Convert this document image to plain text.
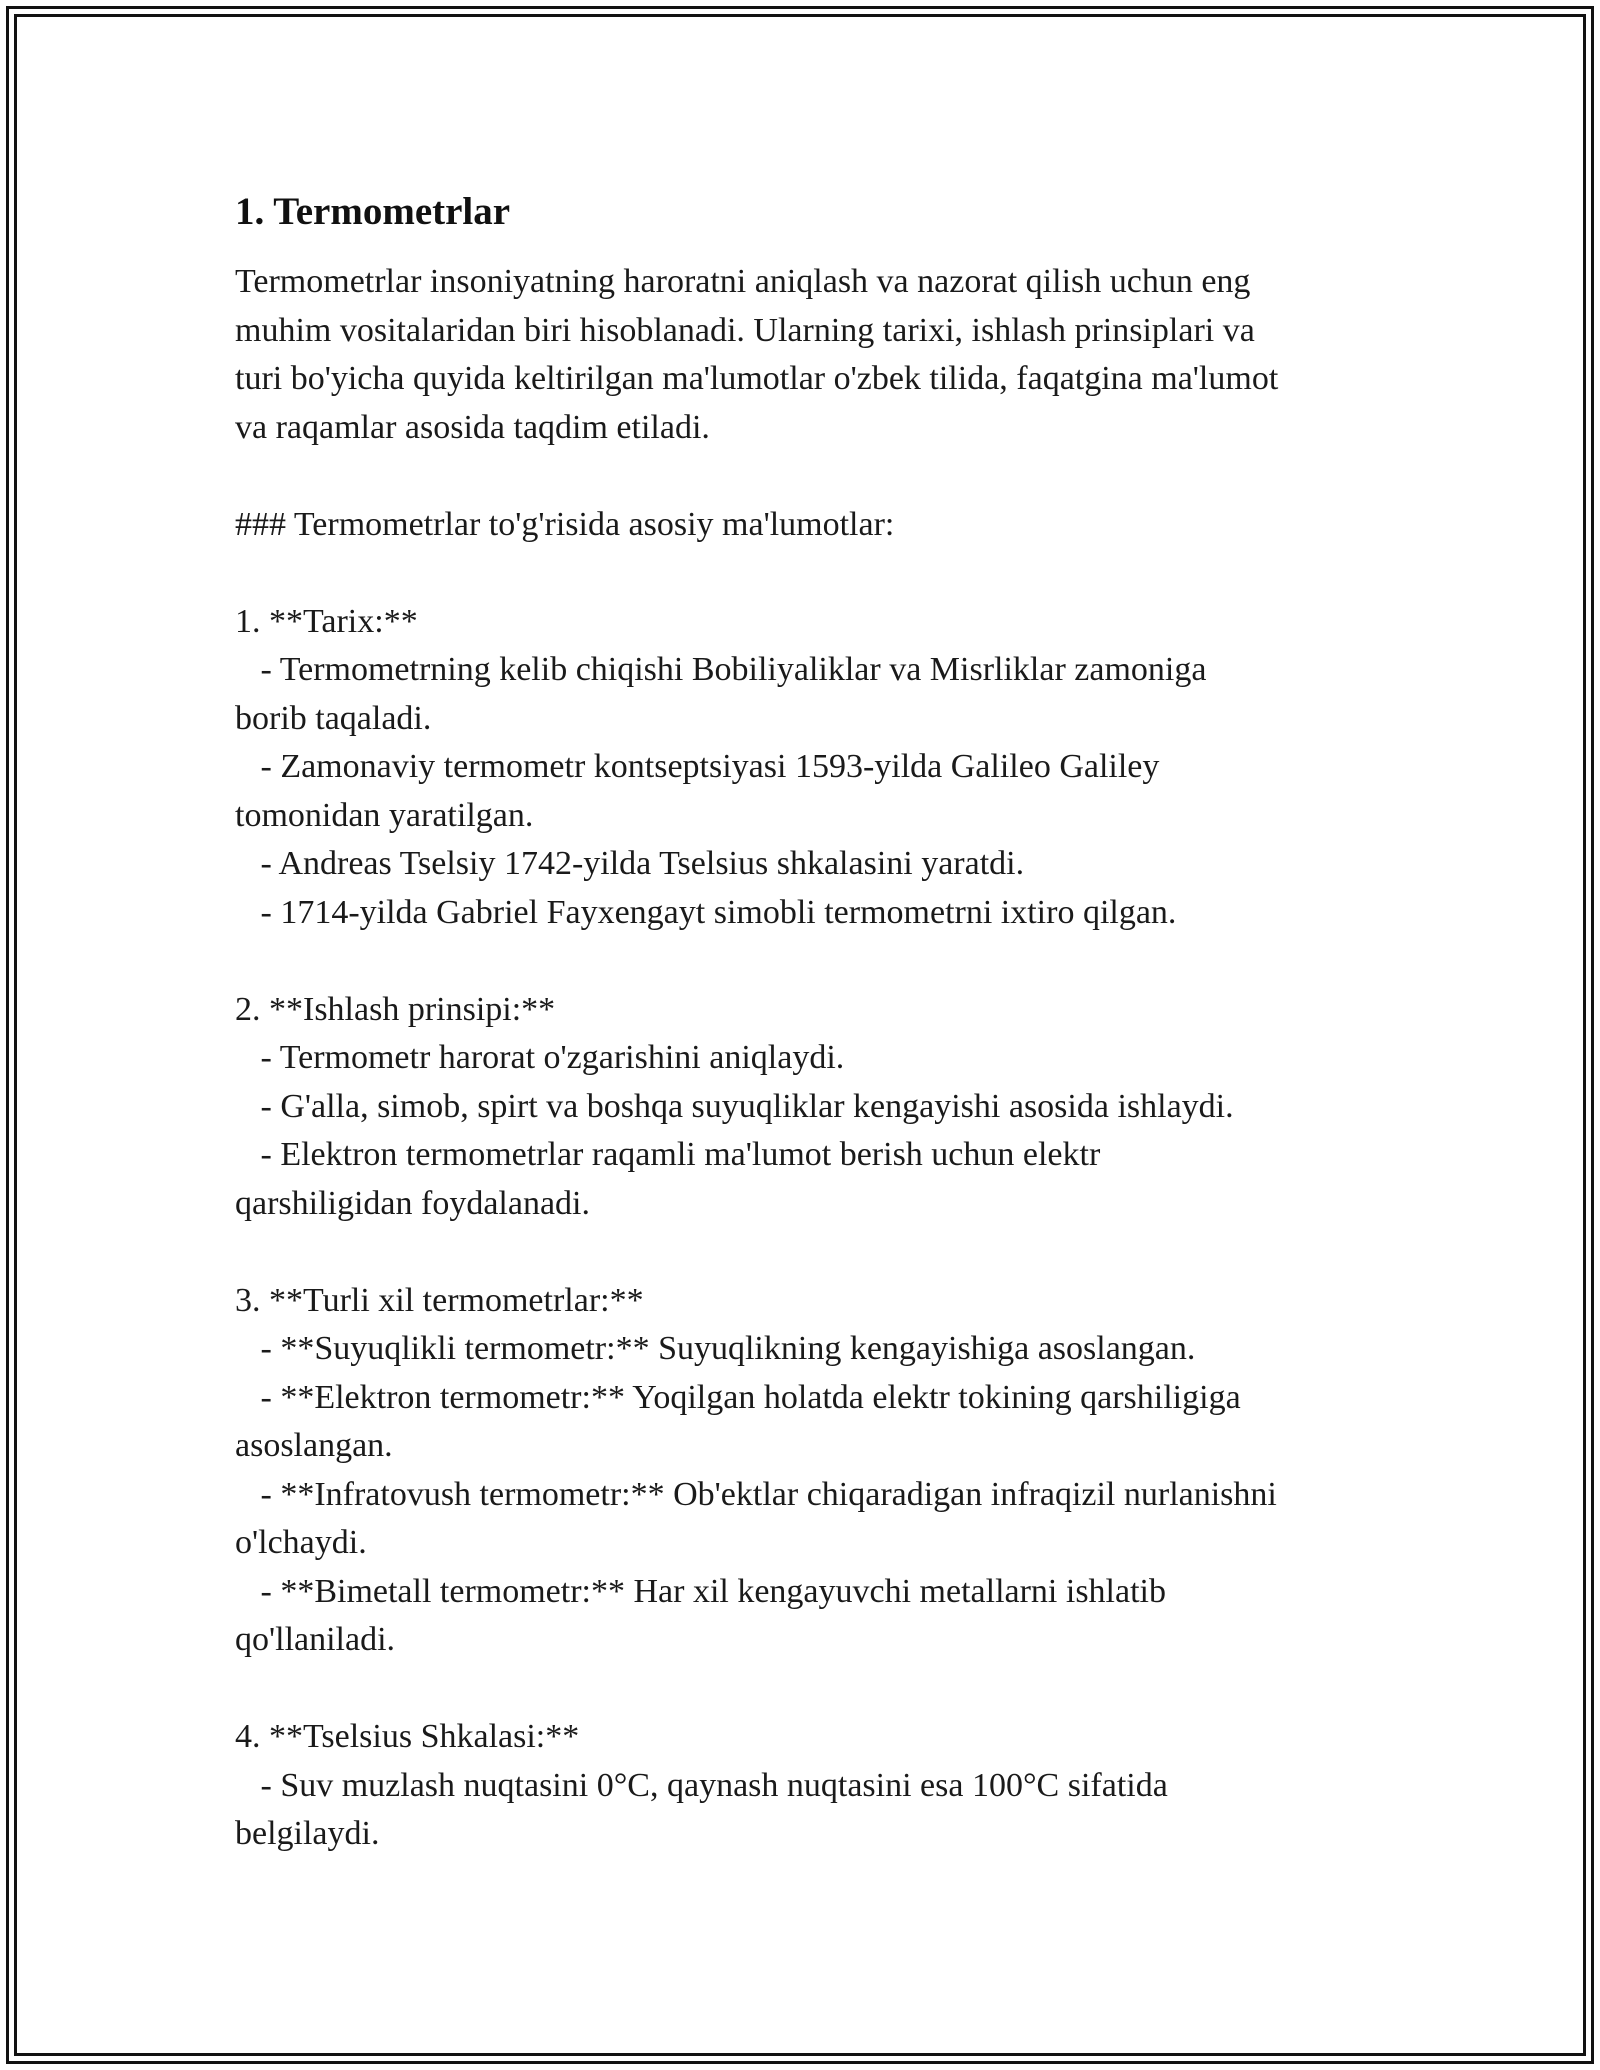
1. Termometrlar

Termometrlar insoniyatning haroratni aniqlash va nazorat qilish uchun eng
muhim vositalaridan biri hisoblanadi. Ularning tarixi, ishlash prinsiplari va
turi bo'yicha quyida keltirilgan ma'lumotlar o'zbek tilida, faqatgina ma'lumot
va raqamlar asosida taqdim etiladi.

### Termometrlar to'g'risida asosiy ma'lumotlar:

1. **Tarix:**

- Termometrning kelib chiqishi Bobiliyaliklar va Misrliklar zamoniga
borib taqaladi.

- Zamonaviy termometr kontseptsiyasi 1593-yilda Galileo Galiley
tomonidan yaratilgan.

- Andreas Tselsiy 1742-yilda Tselsius shkalasini yaratdi.

- 1714-yilda Gabriel Fayxengayt simobli termometrni ixtiro qilgan.

2. **Ishlash prinsipi:**

- Termometr harorat o'zgarishini aniqlaydi.

- G'alla, simob, spirt va boshqa suyuqliklar kengayishi asosida ishlaydi.

- Elektron termometrlar raqamli ma'lumot berish uchun elektr
qarshiligidan foydalanadi.

3. **Turli xil termometrlar:**

- **Suyuqlikli termometr:** Suyuqlikning kengayishiga asoslangan.

- **Elektron termometr:** Yoqilgan holatda elektr tokining qarshiligiga
asoslangan.

- **Infratovush termometr:** Ob'ektlar chiqaradigan infraqizil nurlanishni
o'lchaydi.

- **Bimetall termometr:** Har xil kengayuvchi metallarni ishlatib
qo'llaniladi.

4. **Tselsius Shkalasi:**

- Suv muzlash nuqtasini 0°C, qaynash nuqtasini esa 100°C sifatida
belgilaydi.
